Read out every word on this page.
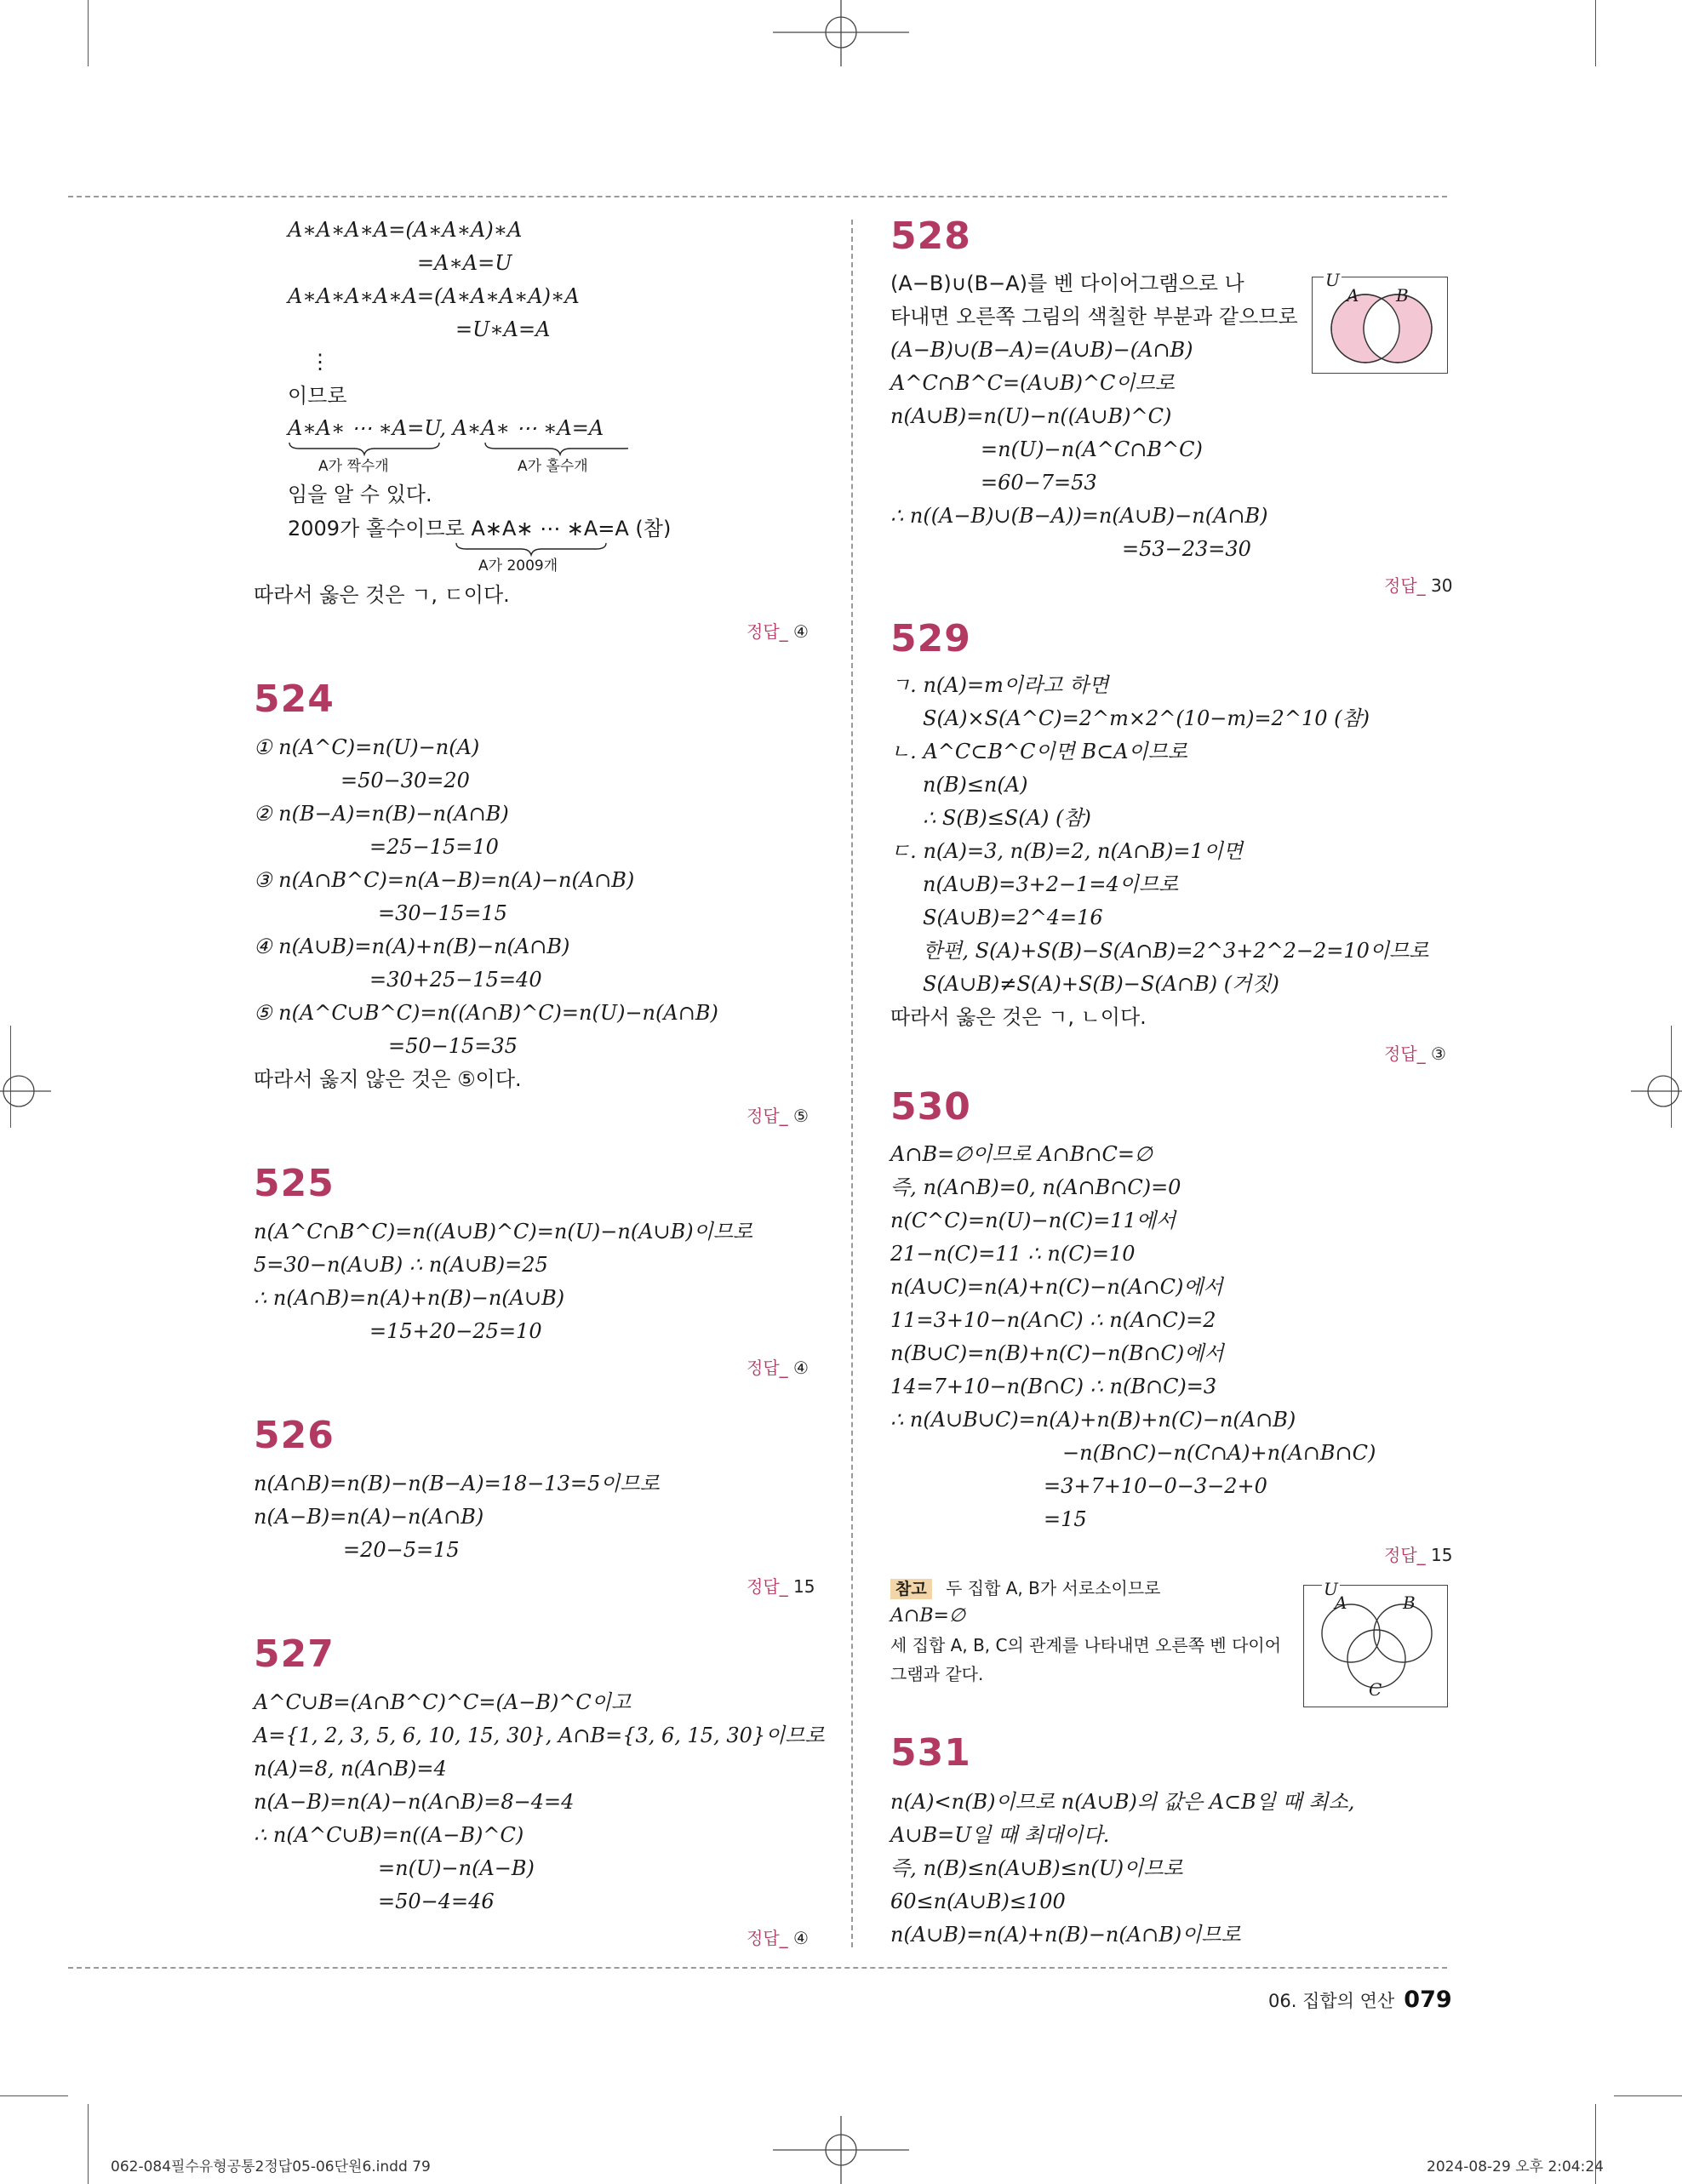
A∗A∗A∗A=(A∗A∗A)∗A
=A∗A=U
A∗A∗A∗A∗A=(A∗A∗A∗A)∗A
=U∗A=A
⋮
이므로
A∗A∗ ⋯ ∗A=U, A∗A∗ ⋯ ∗A=A
A가 짝수개	A가 홀수개
임을 알 수 있다.
2009가 홀수이므로 A∗A∗ ⋯ ∗A=A (참)
A가 2009개
따라서 옳은 것은 ㄱ, ㄷ이다.
정답_ ④
524
① n(A^C)=n(U)−n(A)
=50−30=20
② n(B−A)=n(B)−n(A∩B)
=25−15=10
③ n(A∩B^C)=n(A−B)=n(A)−n(A∩B)
=30−15=15
④ n(A∪B)=n(A)+n(B)−n(A∩B)
=30+25−15=40
⑤ n(A^C∪B^C)=n((A∩B)^C)=n(U)−n(A∩B)
=50−15=35
따라서 옳지 않은 것은 ⑤이다.
정답_ ⑤
525
n(A^C∩B^C)=n((A∪B)^C)=n(U)−n(A∪B)이므로
5=30−n(A∪B) ∴ n(A∪B)=25
∴ n(A∩B)=n(A)+n(B)−n(A∪B)
=15+20−25=10
정답_ ④
526
n(A∩B)=n(B)−n(B−A)=18−13=5이므로
n(A−B)=n(A)−n(A∩B)
=20−5=15
정답_ 15
527
A^C∪B=(A∩B^C)^C=(A−B)^C이고
A={1, 2, 3, 5, 6, 10, 15, 30}, A∩B={3, 6, 15, 30}이므로
n(A)=8, n(A∩B)=4
n(A−B)=n(A)−n(A∩B)=8−4=4
∴ n(A^C∪B)=n((A−B)^C)
=n(U)−n(A−B)
=50−4=46
정답_ ④
528
(A−B)∪(B−A)를 벤 다이어그램으로 나
타내면 오른쪽 그림의 색칠한 부분과 같으므로
(A−B)∪(B−A)=(A∪B)−(A∩B)
A^C∩B^C=(A∪B)^C이므로
n(A∪B)=n(U)−n((A∪B)^C)
=n(U)−n(A^C∩B^C)
=60−7=53
∴ n((A−B)∪(B−A))=n(A∪B)−n(A∩B)
=53−23=30
U
A B
정답_ 30
529
ㄱ. n(A)=m이라고 하면
S(A)×S(A^C)=2^m×2^(10−m)=2^10 (참)
ㄴ. A^C⊂B^C이면 B⊂A이므로
n(B)≤n(A)
∴ S(B)≤S(A) (참)
ㄷ. n(A)=3, n(B)=2, n(A∩B)=1이면
n(A∪B)=3+2−1=4이므로
S(A∪B)=2^4=16
한편, S(A)+S(B)−S(A∩B)=2^3+2^2−2=10이므로
S(A∪B)≠S(A)+S(B)−S(A∩B) (거짓)
따라서 옳은 것은 ㄱ, ㄴ이다.
정답_ ③
530
A∩B=∅이므로 A∩B∩C=∅
즉, n(A∩B)=0, n(A∩B∩C)=0
n(C^C)=n(U)−n(C)=11에서
21−n(C)=11 ∴ n(C)=10
n(A∪C)=n(A)+n(C)−n(A∩C)에서
11=3+10−n(A∩C) ∴ n(A∩C)=2
n(B∪C)=n(B)+n(C)−n(B∩C)에서
14=7+10−n(B∩C) ∴ n(B∩C)=3
∴ n(A∪B∪C)=n(A)+n(B)+n(C)−n(A∩B)
−n(B∩C)−n(C∩A)+n(A∩B∩C)
=3+7+10−0−3−2+0
=15
정답_ 15
참고 두 집합 A, B가 서로소이므로
A∩B=∅
세 집합 A, B, C의 관계를 나타내면 오른쪽 벤 다이어
그램과 같다.
U
A	B
C
531
n(A)<n(B)이므로 n(A∪B)의 값은 A⊂B일 때 최소,
A∪B=U일 때 최대이다.
즉, n(B)≤n(A∪B)≤n(U)이므로
60≤n(A∪B)≤100
n(A∪B)=n(A)+n(B)−n(A∩B)이므로
06. 집합의 연산 079
062-084필수유형공통2정답05-06단원6.indd 79	2024-08-29 오후 2:04:24
